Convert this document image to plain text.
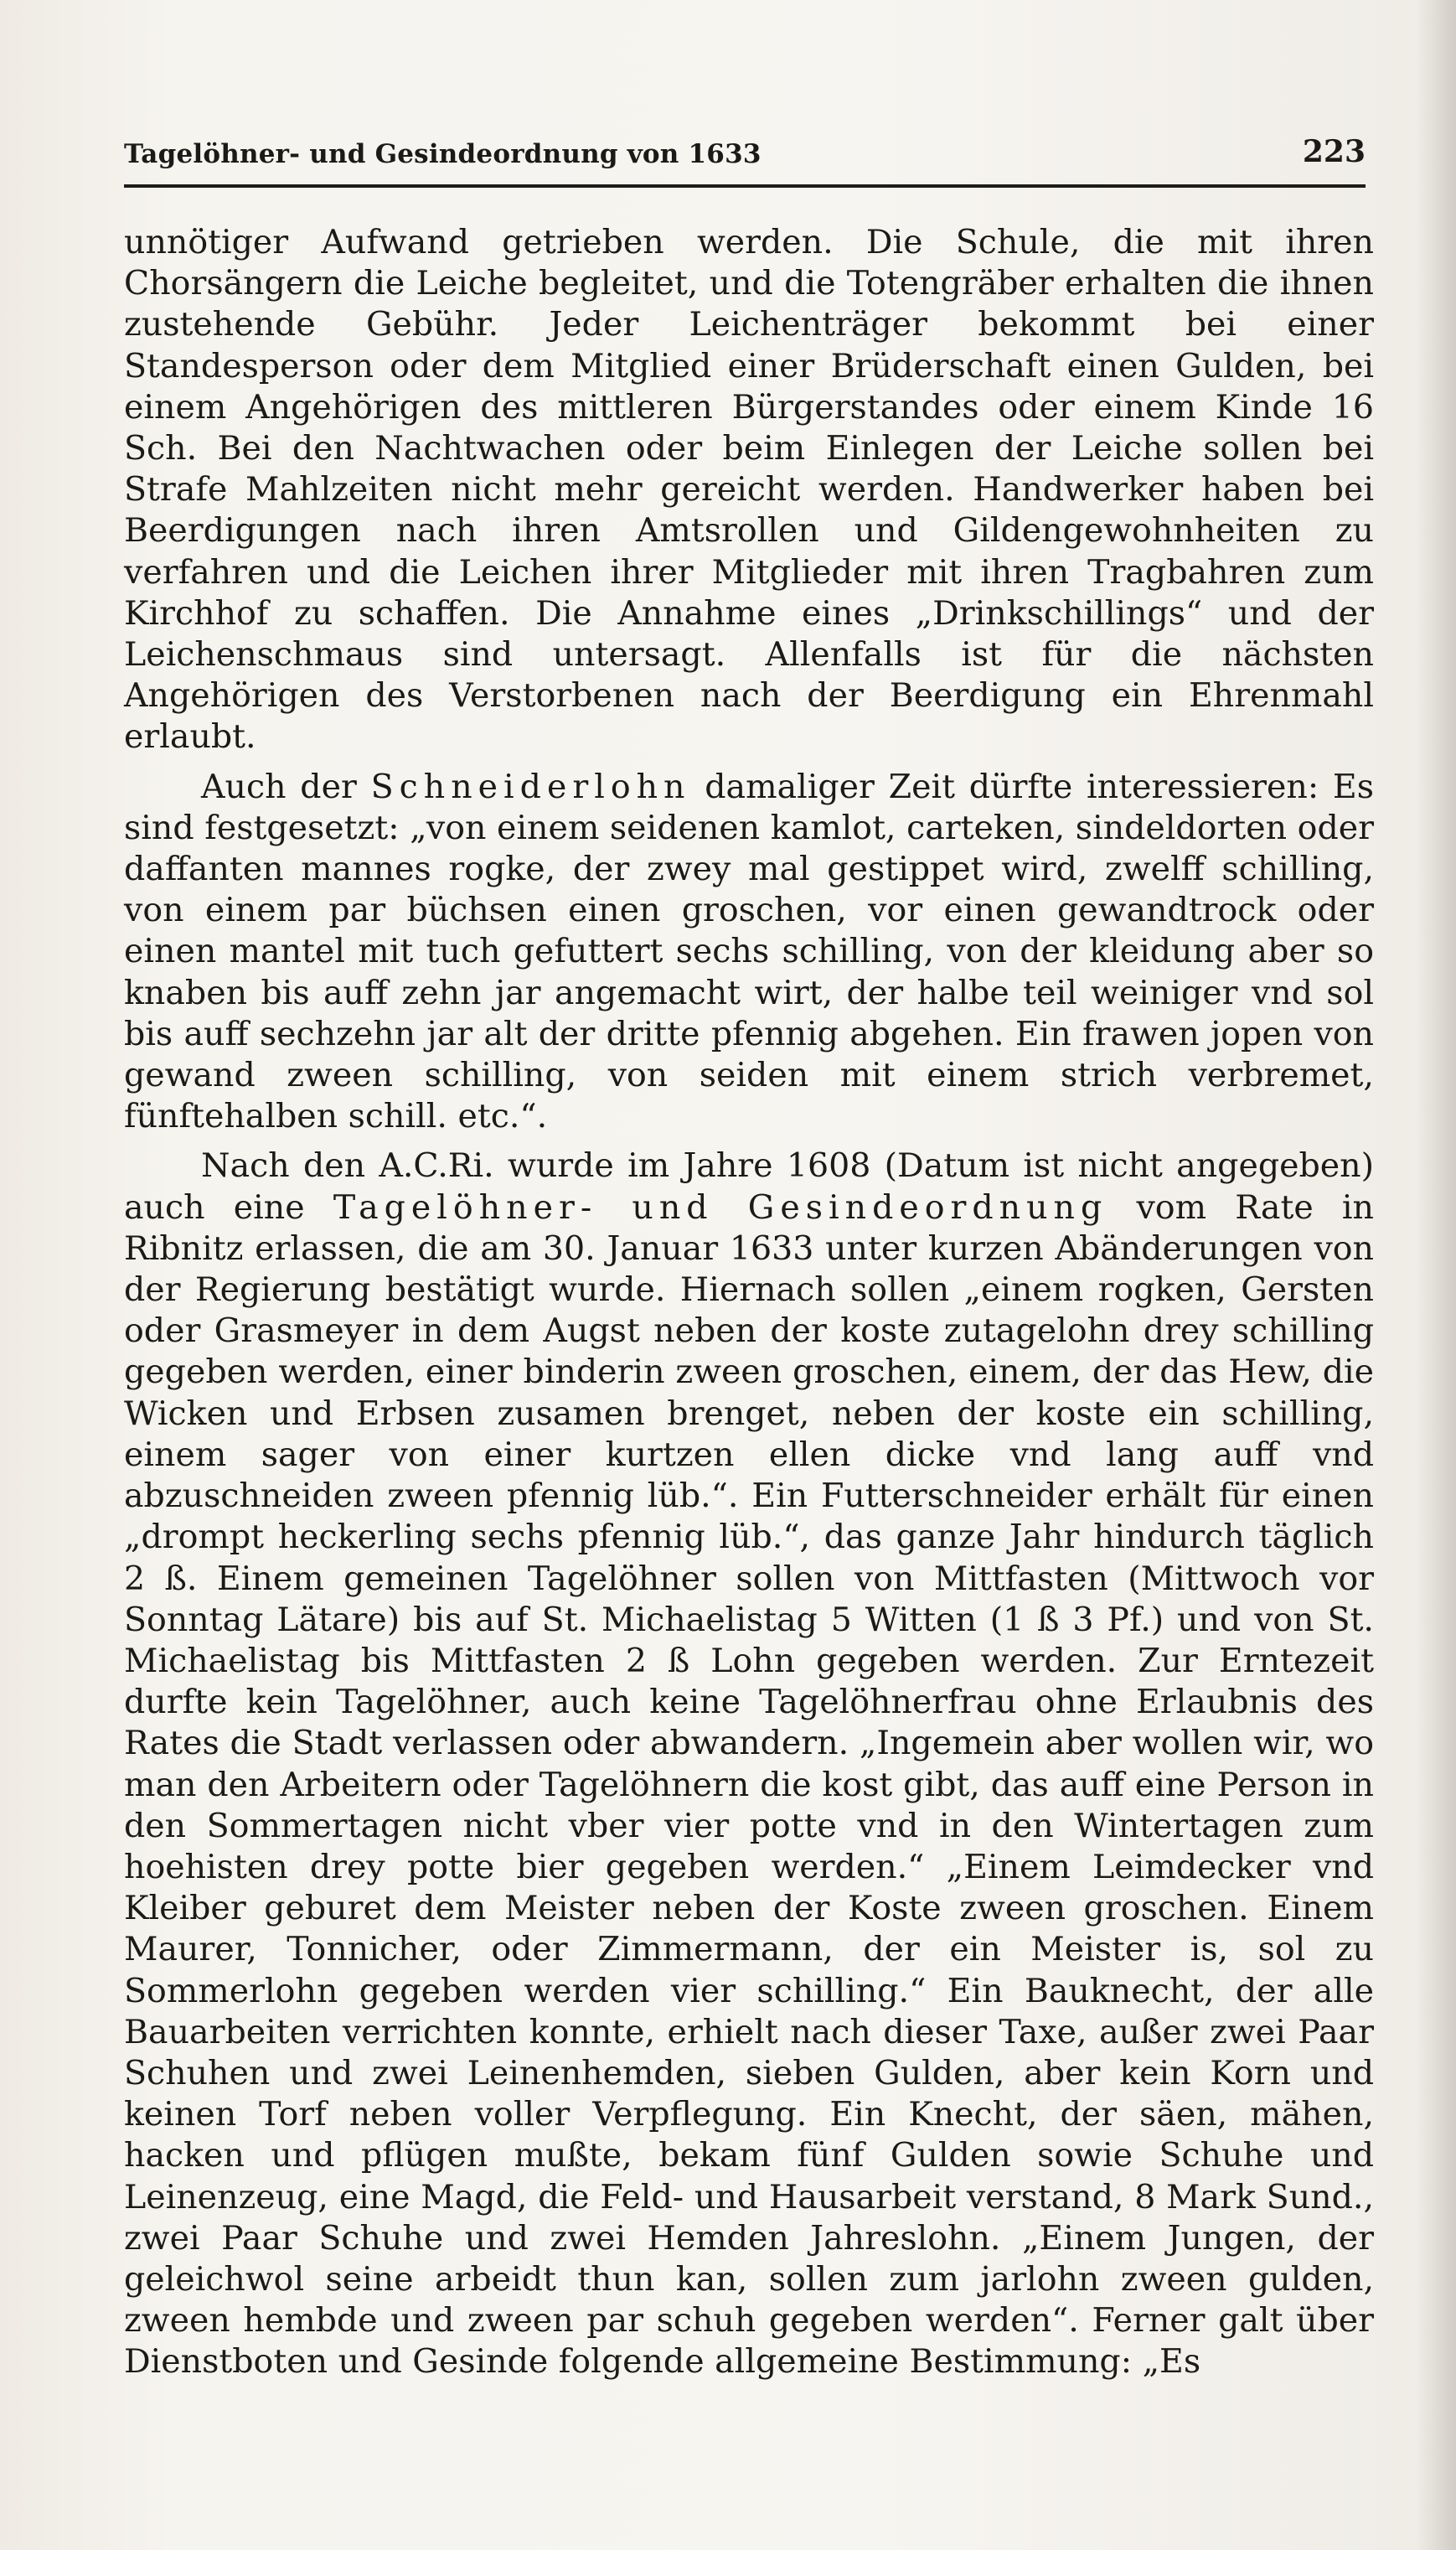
Tagelöhner- und Gesindeordnung von 1633	223

unnötiger Aufwand getrieben werden. Die Schule, die mit ihren Chorsängern die Leiche begleitet, und die Totengräber erhalten die ihnen zustehende Gebühr. Jeder Leichenträger bekommt bei einer Standesperson oder dem Mitglied einer Brüderschaft einen Gulden, bei einem Angehörigen des mittleren Bürgerstandes oder einem Kinde 16 Sch. Bei den Nachtwachen oder beim Einlegen der Leiche sollen bei Strafe Mahlzeiten nicht mehr gereicht werden. Handwerker haben bei Beerdigungen nach ihren Amtsrollen und Gildengewohnheiten zu verfahren und die Leichen ihrer Mitglieder mit ihren Tragbahren zum Kirchhof zu schaffen. Die Annahme eines „Drinkschillings“ und der Leichenschmaus sind untersagt. Allenfalls ist für die nächsten Angehörigen des Verstorbenen nach der Beerdigung ein Ehrenmahl erlaubt.

Auch der Schneiderlohn damaliger Zeit dürfte interessieren: Es sind festgesetzt: „von einem seidenen kamlot, carteken, sindeldorten oder daffanten mannes rogke, der zwey mal gestippet wird, zwelff schilling, von einem par büchsen einen groschen, vor einen gewandtrock oder einen mantel mit tuch gefuttert sechs schilling, von der kleidung aber so knaben bis auff zehn jar angemacht wirt, der halbe teil weiniger vnd sol bis auff sechzehn jar alt der dritte pfennig abgehen. Ein frawen jopen von gewand zween schilling, von seiden mit einem strich verbremet, fünftehalben schill. etc.“.

Nach den A.C.Ri. wurde im Jahre 1608 (Datum ist nicht angegeben) auch eine Tagelöhner- und Gesindeordnung vom Rate in Ribnitz erlassen, die am 30. Januar 1633 unter kurzen Abänderungen von der Regierung bestätigt wurde. Hiernach sollen „einem rogken, Gersten oder Grasmeyer in dem Augst neben der koste zutagelohn drey schilling gegeben werden, einer binderin zween groschen, einem, der das Hew, die Wicken und Erbsen zusamen brenget, neben der koste ein schilling, einem sager von einer kurtzen ellen dicke vnd lang auff vnd abzuschneiden zween pfennig lüb.“. Ein Futterschneider erhält für einen „drompt heckerling sechs pfennig lüb.“, das ganze Jahr hindurch täglich 2 ß. Einem gemeinen Tagelöhner sollen von Mittfasten (Mittwoch vor Sonntag Lätare) bis auf St. Michaelistag 5 Witten (1 ß 3 Pf.) und von St. Michaelistag bis Mittfasten 2 ß Lohn gegeben werden. Zur Erntezeit durfte kein Tagelöhner, auch keine Tagelöhnerfrau ohne Erlaubnis des Rates die Stadt verlassen oder abwandern. „Ingemein aber wollen wir, wo man den Arbeitern oder Tagelöhnern die kost gibt, das auff eine Person in den Sommertagen nicht vber vier potte vnd in den Wintertagen zum hoehisten drey potte bier gegeben werden.“ „Einem Leimdecker vnd Kleiber geburet dem Meister neben der Koste zween groschen. Einem Maurer, Tonnicher, oder Zimmermann, der ein Meister is, sol zu Sommerlohn gegeben werden vier schilling.“ Ein Bauknecht, der alle Bauarbeiten verrichten konnte, erhielt nach dieser Taxe, außer zwei Paar Schuhen und zwei Leinenhemden, sieben Gulden, aber kein Korn und keinen Torf neben voller Verpflegung. Ein Knecht, der säen, mähen, hacken und pflügen mußte, bekam fünf Gulden sowie Schuhe und Leinenzeug, eine Magd, die Feld- und Hausarbeit verstand, 8 Mark Sund., zwei Paar Schuhe und zwei Hemden Jahreslohn. „Einem Jungen, der geleichwol seine arbeidt thun kan, sollen zum jarlohn zween gulden, zween hembde und zween par schuh gegeben werden“. Ferner galt über Dienstboten und Gesinde folgende allgemeine Bestimmung: „Es
